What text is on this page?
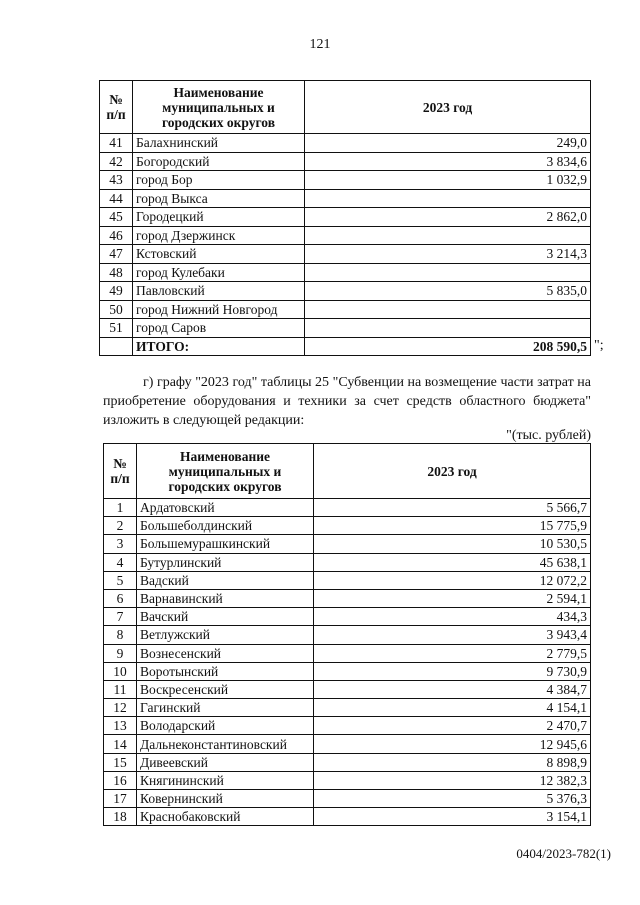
121
№ п/п	Наименование муниципальных и городских округов	2023 год
41	Балахнинский	249,0
42	Богородский	3 834,6
43	город Бор	1 032,9
44	город Выкса	
45	Городецкий	2 862,0
46	город Дзержинск	
47	Кстовский	3 214,3
48	город Кулебаки	
49	Павловский	5 835,0
50	город Нижний Новгород	
51	город Саров	
	ИТОГО:	208 590,5 ";
г) графу "2023 год" таблицы 25 "Субвенции на возмещение части затрат на приобретение оборудования и техники за счет средств областного бюджета" изложить в следующей редакции:
"(тыс. рублей)
№ п/п	Наименование муниципальных и городских округов	2023 год
1	Ардатовский	5 566,7
2	Большеболдинский	15 775,9
3	Большемурашкинский	10 530,5
4	Бутурлинский	45 638,1
5	Вадский	12 072,2
6	Варнавинский	2 594,1
7	Вачский	434,3
8	Ветлужский	3 943,4
9	Вознесенский	2 779,5
10	Воротынский	9 730,9
11	Воскресенский	4 384,7
12	Гагинский	4 154,1
13	Володарский	2 470,7
14	Дальнеконстантиновский	12 945,6
15	Дивеевский	8 898,9
16	Княгининский	12 382,3
17	Ковернинский	5 376,3
18	Краснобаковский	3 154,1
0404/2023-782(1)
